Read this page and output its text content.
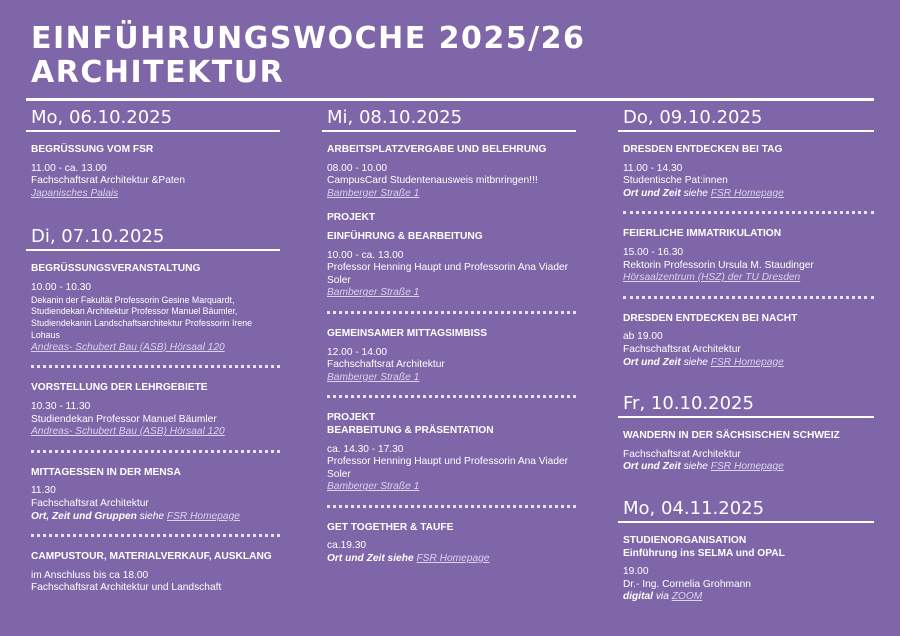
EINFÜHRUNGSWOCHE 2025/26
ARCHITEKTUR
Mo, 06.10.2025
BEGRÜSSUNG VOM FSR
11.00 - ca. 13.00
Fachschaftsrat Architektur &Paten
Japanisches Palais
Di, 07.10.2025
BEGRÜSSUNGSVERANSTALTUNG
10.00 - 10.30
Dekanin der Fakultät Professorin Gesine Marquardt, Studiendekan Architektur Professor Manuel Bäumler, Studiendekanin Landschaftsarchitektur Professorin Irene Lohaus
Andreas- Schubert Bau (ASB) Hörsaal 120
VORSTELLUNG DER LEHRGEBIETE
10.30 - 11.30
Studiendekan Professor Manuel Bäumler
Andreas- Schubert Bau (ASB) Hörsaal 120
MITTAGESSEN IN DER MENSA
11.30
Fachschaftsrat Architektur
Ort, Zeit und Gruppen siehe FSR Homepage
CAMPUSTOUR, MATERIALVERKAUF, AUSKLANG
im Anschluss bis ca 18.00
Fachschaftsrat Architektur und Landschaft
Mi, 08.10.2025
ARBEITSPLATZVERGABE UND BELEHRUNG
08.00 - 10.00
CampusCard Studentenausweis mitbnringen!!!
Bamberger Straße 1
PROJEKT
EINFÜHRUNG & BEARBEITUNG
10.00 - ca. 13.00
Professor Henning Haupt und Professorin Ana Viader Soler
Bamberger Straße 1
GEMEINSAMER MITTAGSIMBISS
12.00 - 14.00
Fachschaftsrat Architektur
Bamberger Straße 1
PROJEKT
BEARBEITUNG & PRÄSENTATION
ca. 14.30 - 17.30
Professor Henning Haupt und Professorin Ana Viader Soler
Bamberger Straße 1
GET TOGETHER & TAUFE
ca.19.30
Ort und Zeit siehe FSR Homepage
Do, 09.10.2025
DRESDEN ENTDECKEN BEI TAG
11.00 - 14.30
Studentische Pat:innen
Ort und Zeit siehe FSR Homepage
FEIERLICHE IMMATRIKULATION
15.00 - 16.30
Rektorin Professorin Ursula M. Staudinger
Hörsaalzentrum (HSZ) der TU Dresden
DRESDEN ENTDECKEN BEI NACHT
ab 19.00
Fachschaftsrat Architektur
Ort und Zeit siehe FSR Homepage
Fr, 10.10.2025
WANDERN IN DER SÄCHSISCHEN SCHWEIZ
Fachschaftsrat Architektur
Ort und Zeit siehe FSR Homepage
Mo, 04.11.2025
STUDIENORGANISATION
Einführung ins SELMA und OPAL
19.00
Dr.- Ing. Cornelia Grohmann
digital via ZOOM
